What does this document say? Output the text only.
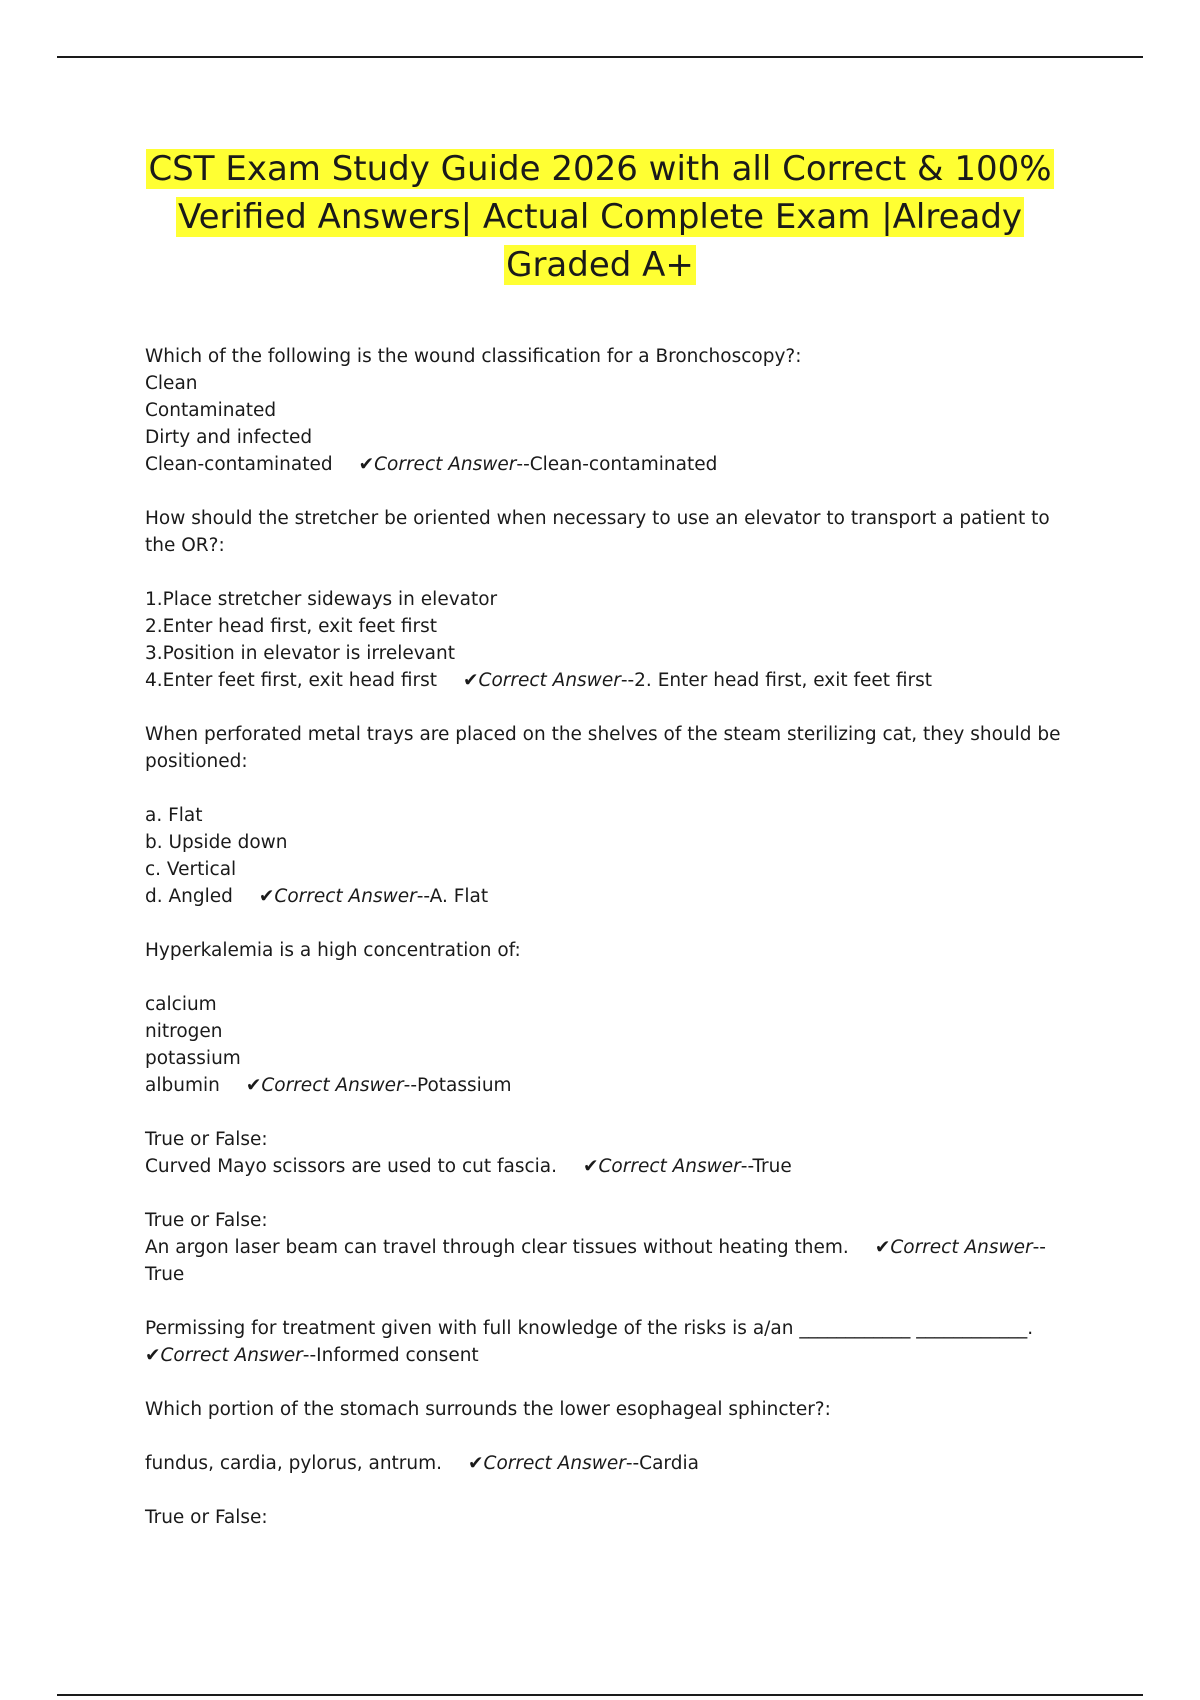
CST Exam Study Guide 2026 with all Correct & 100%
Verified Answers| Actual Complete Exam |Already
Graded A+
Which of the following is the wound classification for a Bronchoscopy?:
Clean
Contaminated
Dirty and infected
Clean-contaminated ✔Correct Answer--Clean-contaminated
How should the stretcher be oriented when necessary to use an elevator to transport a patient to
the OR?:
1.Place stretcher sideways in elevator
2.Enter head first, exit feet first
3.Position in elevator is irrelevant
4.Enter feet first, exit head first ✔Correct Answer--2. Enter head first, exit feet first
When perforated metal trays are placed on the shelves of the steam sterilizing cat, they should be
positioned:
a. Flat
b. Upside down
c. Vertical
d. Angled ✔Correct Answer--A. Flat
Hyperkalemia is a high concentration of:
calcium
nitrogen
potassium
albumin ✔Correct Answer--Potassium
True or False:
Curved Mayo scissors are used to cut fascia. ✔Correct Answer--True
True or False:
An argon laser beam can travel through clear tissues without heating them. ✔Correct Answer--
True
Permissing for treatment given with full knowledge of the risks is a/an ____________ ____________.
✔Correct Answer--Informed consent
Which portion of the stomach surrounds the lower esophageal sphincter?:
fundus, cardia, pylorus, antrum. ✔Correct Answer--Cardia
True or False:
